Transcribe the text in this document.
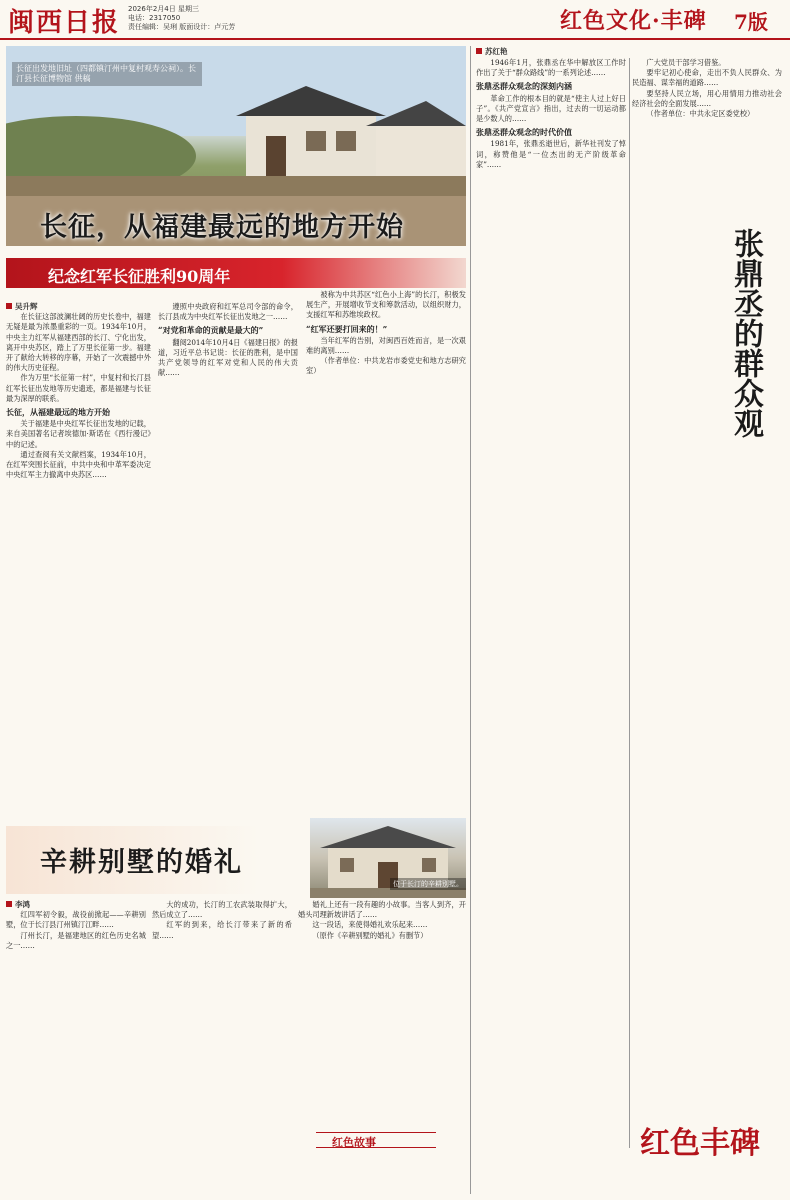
闽西日报 2026年2月4日 星期三
电话：2317050
责任编辑：吴琍 版面设计：卢元芳	红色文化·丰碑 7版
长征出发地旧址（四都镇汀州中复村观寿公祠）。长汀县长征博物馆 供稿
长征，从福建最远的地方开始
纪念红军长征胜利90周年
吴升辉

在长征这部波澜壮阔的历史长卷中，福建无疑是最为浓墨重彩的一页。1934年10月，中央主力红军从福建西部的长汀、宁化出发，离开中央苏区，踏上了万里长征第一步。福建开了献给大转移的序幕，开始了一次震撼中外的伟大历史征程。

作为万里“长征第一村”，中复村和长汀县红军长征出发地等历史遗迹，都是福建与长征最为深厚的联系。

长征，从福建最远的地方开始

关于福建是中央红军长征出发地的记载，来自美国著名记者埃德加·斯诺在《西行漫记》中的记述。

通过查阅有关文献档案，1934年10月，在红军突围长征前，中共中央和中革军委决定中央红军主力撤离中央苏区……

遵照中央政府和红军总司令部的命令，长汀县成为中央红军长征出发地之一……

“对党和革命的贡献是最大的”

翻阅2014年10月4日《福建日报》的报道，习近平总书记说：长征的胜利，是中国共产党领导的红军对党和人民的伟大贡献……

被称为中共苏区“红色小上海”的长汀，积极发展生产，开展增收节支和筹款活动，以组织财力，支援红军和苏维埃政权。

“红军还要打回来的！”

当年红军的告别，对闽西百姓而言，是一次艰难的离别……

（作者单位：中共龙岩市委党史和地方志研究室）

苏红艳

1946年1月，张鼎丞在华中解放区工作时作出了关于“群众路线”的一系列论述……

张鼎丞群众观念的深刻内涵

革命工作的根本目的就是“使主人过上好日子”。《共产党宣言》指出，过去的一切运动都是少数人的……

张鼎丞群众观念的时代价值

1981年，张鼎丞逝世后，新华社刊发了悼词，称赞他是“一位杰出的无产阶级革命家”……

广大党员干部学习借鉴。

要牢记初心使命，走出不负人民群众、为民造福、谋幸福的道路……

要坚持人民立场，用心用情用力推动社会经济社会的全面发展……

（作者单位：中共永定区委党校）

张鼎丞的群众观
红色丰碑
辛耕别墅的婚礼
位于长汀的辛耕别墅。
李鸿

红四军初令毅，战役前掀起——辛耕别墅，位于长汀县汀州镇汀江畔……

汀州长汀，是福建地区的红色历史名城之一……

大的成功，长汀的工农武装取得扩大，然后成立了……

红军的到来，给长汀带来了新的希望……

婚礼上还有一段有趣的小故事。当客人到齐，开婚头司理新坡讲话了……

这一段话，来使得婚礼欢乐起来……

（原作《辛耕别墅的婚礼》有删节）

红色故事
